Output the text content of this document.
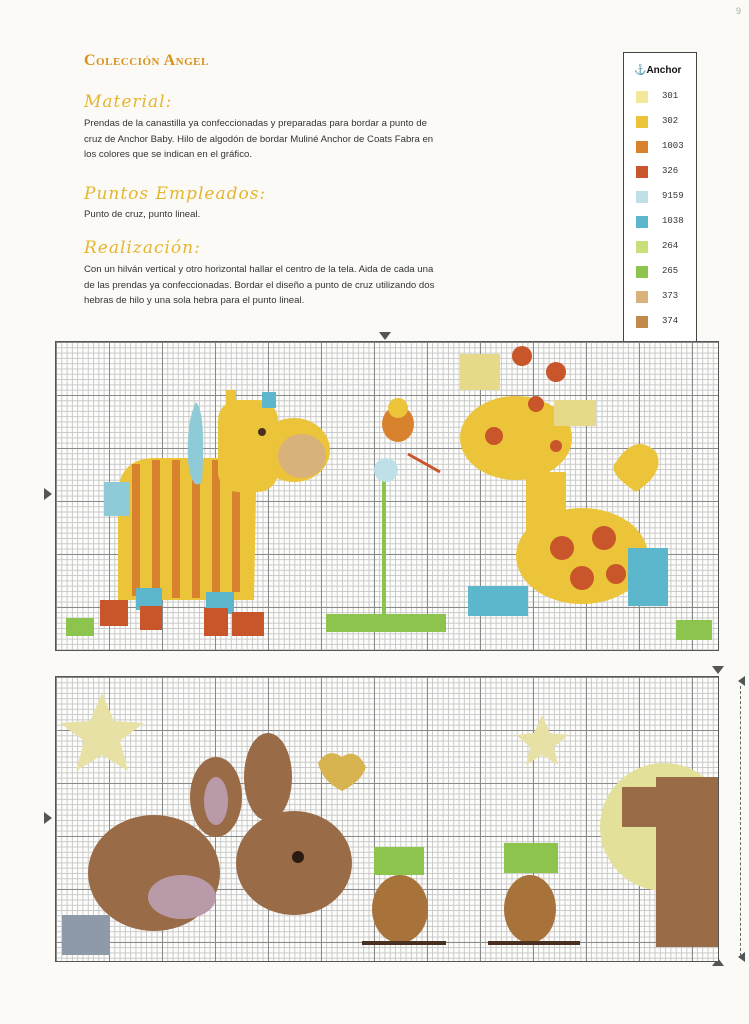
9
Colección Angel
Material:
Prendas de la canastilla ya confeccionadas y preparadas para bordar a punto de cruz de Anchor Baby. Hilo de algodón de bordar Muliné Anchor de Coats Fabra en los colores que se indican en el gráfico.
Puntos Empleados:
Punto de cruz, punto lineal.
Realización:
Con un hilván vertical y otro horizontal hallar el centro de la tela. Aida de cada una de las prendas ya confeccionadas. Bordar el diseño a punto de cruz utilizando dos hebras de hilo y una sola hebra para el punto lineal.
⚓Anchor
301
302
1003
326
9159
1038
264
265
373
374
